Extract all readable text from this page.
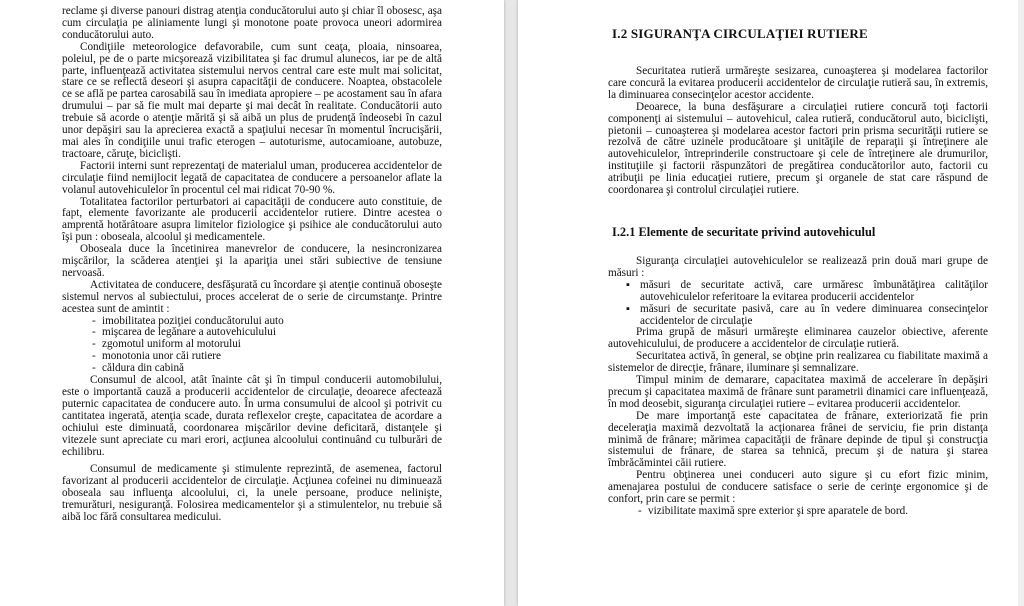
reclame şi diverse panouri distrag atenţia conducătorului auto şi chiar îl obosesc, aşa cum circulaţia pe aliniamente lungi şi monotone poate provoca uneori adormirea conducătorului auto.

Condiţiile meteorologice defavorabile, cum sunt ceaţa, ploaia, ninsoarea, poleiul, pe de o parte micşorează vizibilitatea şi fac drumul alunecos, iar pe de altă parte, influenţează activitatea sistemului nervos central care este mult mai solicitat, stare ce se reflectă deseori şi asupra capacităţii de conducere. Noaptea, obstacolele ce se află pe partea carosabilă sau în imediata apropiere – pe acostament sau în afara drumului – par să fie mult mai departe şi mai decât în realitate. Conducătorii auto trebuie să acorde o atenţie mărită şi să aibă un plus de prudenţă îndeosebi în cazul unor depăşiri sau la aprecierea exactă a spaţiului necesar în momentul încrucişării, mai ales în condiţiile unui trafic eterogen – autoturisme, autocamioane, autobuze, tractoare, căruţe, biciclişti.

Factorii interni sunt reprezentaţi de materialul uman, producerea accidentelor de circulaţie fiind nemijlocit legată de capacitatea de conducere a persoanelor aflate la volanul autovehiculelor în procentul cel mai ridicat 70-90 %.

Totalitatea factorilor perturbatori ai capacităţii de conducere auto constituie, de fapt, elemente favorizante ale producerii accidentelor rutiere. Dintre acestea o amprentă hotărâtoare asupra limitelor fiziologice şi psihice ale conducătorului auto îşi pun : oboseala, alcoolul şi medicamentele.

Oboseala duce la încetinirea manevrelor de conducere, la nesincronizarea mişcărilor, la scăderea atenţiei şi la apariţia unei stări subiective de tensiune nervoasă.

Activitatea de conducere, desfăşurată cu încordare şi atenţie continuă oboseşte sistemul nervos al subiectului, proces accelerat de o serie de circumstanţe. Printre acestea sunt de amintit :

- imobilitatea poziţiei conducătorului auto
- mişcarea de legănare a autovehiculului
- zgomotul uniform al motorului
- monotonia unor căi rutiere
- căldura din cabină

Consumul de alcool, atât înainte cât şi în timpul conducerii automobilului, este o importantă cauză a producerii accidentelor de circulaţie, deoarece afectează puternic capacitatea de conducere auto. În urma consumului de alcool şi potrivit cu cantitatea ingerată, atenţia scade, durata reflexelor creşte, capacitatea de acordare a ochiului este diminuată, coordonarea mişcărilor devine deficitară, distanţele şi vitezele sunt apreciate cu mari erori, acţiunea alcoolului continuând cu tulburări de echilibru.

Consumul de medicamente şi stimulente reprezintă, de asemenea, factorul favorizant al producerii accidentelor de circulaţie. Acţiunea cofeinei nu diminuează oboseala sau influenţa alcoolului, ci, la unele persoane, produce nelinişte, tremurături, nesiguranţă. Folosirea medicamentelor şi a stimulentelor, nu trebuie să aibă loc fără consultarea medicului.

I.2 SIGURANŢA CIRCULAŢIEI RUTIERE

Securitatea rutieră urmăreşte sesizarea, cunoaşterea şi modelarea factorilor care concură la evitarea producerii accidentelor de circulaţie rutieră sau, în extremis, la diminuarea consecinţelor acestor accidente.

Deoarece, la buna desfăşurare a circulaţiei rutiere concură toţi factorii componenţi ai sistemului – autovehicul, calea rutieră, conducătorul auto, biciclişti, pietonii – cunoaşterea şi modelarea acestor factori prin prisma securităţii rutiere se rezolvă de către uzinele producătoare şi unităţile de reparaţii şi întreţinere ale autovehiculelor, întreprinderile constructoare şi cele de întreţinere ale drumurilor, instituţiile şi factorii răspunzători de pregătirea conducătorilor auto, factorii cu atribuţii pe linia educaţiei rutiere, precum şi organele de stat care răspund de coordonarea şi controlul circulaţiei rutiere.

I.2.1 Elemente de securitate privind autovehiculul

Siguranţa circulaţiei autovehiculelor se realizează prin două mari grupe de măsuri :

▪ măsuri de securitate activă, care urmăresc îmbunătăţirea calităţilor autovehiculelor referitoare la evitarea producerii accidentelor
▪ măsuri de securitate pasivă, care au în vedere diminuarea consecinţelor accidentelor de circulaţie

Prima grupă de măsuri urmăreşte eliminarea cauzelor obiective, aferente autovehiculului, de producere a accidentelor de circulaţie rutieră.

Securitatea activă, în general, se obţine prin realizarea cu fiabilitate maximă a sistemelor de direcţie, frânare, iluminare şi semnalizare.

Timpul minim de demarare, capacitatea maximă de accelerare în depăşiri precum şi capacitatea maximă de frânare sunt parametrii dinamici care influenţează, în mod deosebit, siguranţa circulaţiei rutiere – evitarea producerii accidentelor.

De mare importanţă este capacitatea de frânare, exteriorizată fie prin deceleraţia maximă dezvoltată la acţionarea frânei de serviciu, fie prin distanţa minimă de frânare; mărimea capacităţii de frânare depinde de tipul şi construcţia sistemului de frânare, de starea sa tehnică, precum şi de natura şi starea îmbrăcămintei căii rutiere.

Pentru obţinerea unei conduceri auto sigure şi cu efort fizic minim, amenajarea postului de conducere satisface o serie de cerinţe ergonomice şi de confort, prin care se permit :

- vizibilitate maximă spre exterior şi spre aparatele de bord.
